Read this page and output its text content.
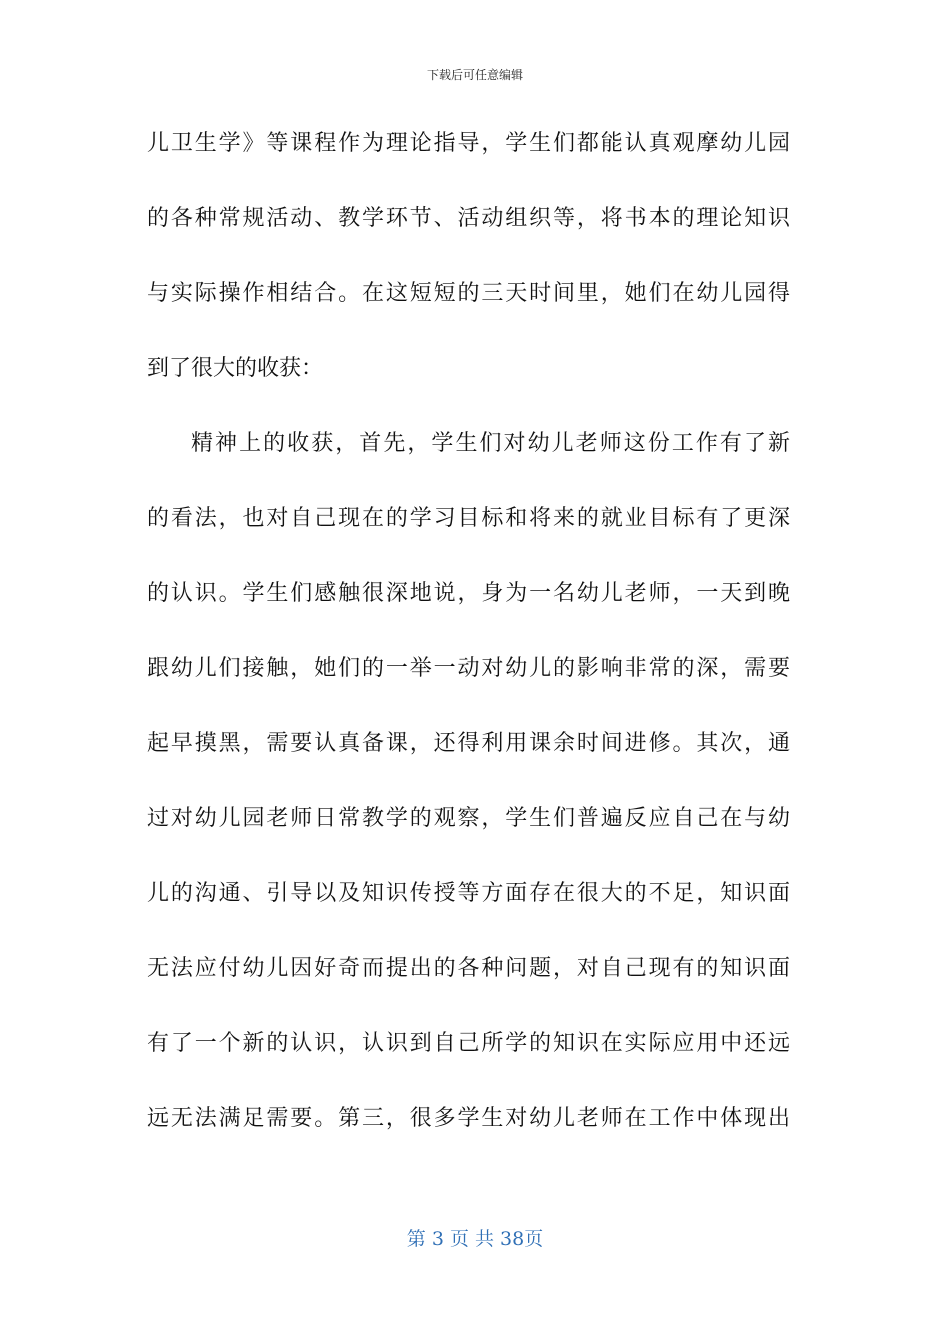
下载后可任意编辑
儿卫生学》等课程作为理论指导，学生们都能认真观摩幼儿园
的各种常规活动、教学环节、活动组织等，将书本的理论知识
与实际操作相结合。在这短短的三天时间里，她们在幼儿园得
到了很大的收获：
精神上的收获，首先，学生们对幼儿老师这份工作有了新
的看法，也对自己现在的学习目标和将来的就业目标有了更深
的认识。学生们感触很深地说，身为一名幼儿老师，一天到晚
跟幼儿们接触，她们的一举一动对幼儿的影响非常的深，需要
起早摸黑，需要认真备课，还得利用课余时间进修。其次，通
过对幼儿园老师日常教学的观察，学生们普遍反应自己在与幼
儿的沟通、引导以及知识传授等方面存在很大的不足，知识面
无法应付幼儿因好奇而提出的各种问题，对自己现有的知识面
有了一个新的认识，认识到自己所学的知识在实际应用中还远
远无法满足需要。第三，很多学生对幼儿老师在工作中体现出
第 3 页 共 38页
